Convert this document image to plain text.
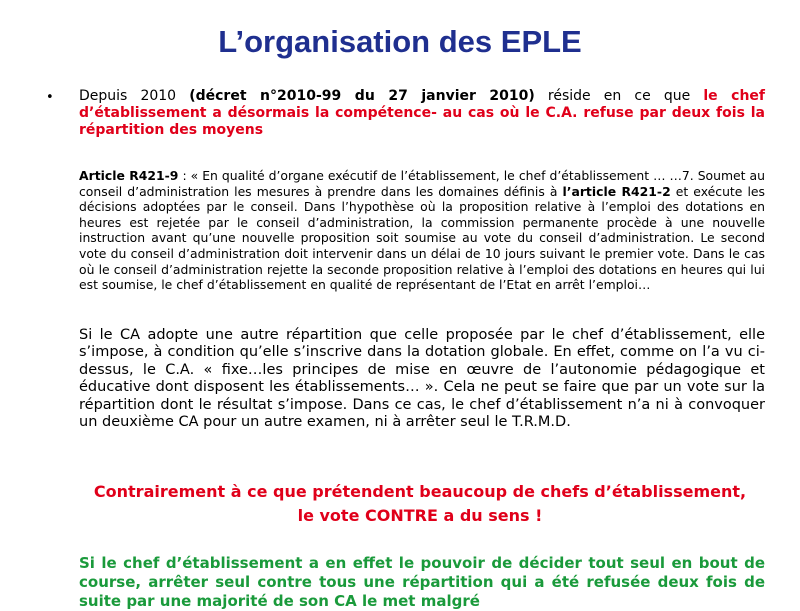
L’organisation des EPLE
• Depuis 2010 (décret n°2010-99 du 27 janvier 2010) réside en ce que le chef d’établissement a désormais la compétence- au cas où le C.A. refuse par deux fois la répartition des moyens

Article R421-9 : « En qualité d’organe exécutif de l’établissement, le chef d’établissement … …7. Soumet au conseil d’administration les mesures à prendre dans les domaines définis à l’article R421-2 et exécute les décisions adoptées par le conseil. Dans l’hypothèse où la proposition relative à l’emploi des dotations en heures est rejetée par le conseil d’administration, la commission permanente procède à une nouvelle instruction avant qu’une nouvelle proposition soit soumise au vote du conseil d’administration. Le second vote du conseil d’administration doit intervenir dans un délai de 10 jours suivant le premier vote. Dans le cas où le conseil d’administration rejette la seconde proposition relative à l’emploi des dotations en heures qui lui est soumise, le chef d’établissement en qualité de représentant de l’Etat en arrêt l’emploi…

Si le CA adopte une autre répartition que celle proposée par le chef d’établissement, elle s’impose, à condition qu’elle s’inscrive dans la dotation globale. En effet, comme on l’a vu ci-dessus, le C.A. « fixe…les principes de mise en œuvre de l’autonomie pédagogique et éducative dont disposent les établissements… ». Cela ne peut se faire que par un vote sur la répartition dont le résultat s’impose. Dans ce cas, le chef d’établissement n’a ni à convoquer un deuxième CA pour un autre examen, ni à arrêter seul le T.R.M.D.

Contrairement à ce que prétendent beaucoup de chefs d’établissement,
le vote CONTRE a du sens !

Si le chef d’établissement a en effet le pouvoir de décider tout seul en bout de course, arrêter seul contre tous une répartition qui a été refusée deux fois de suite par une majorité de son CA le met malgré
